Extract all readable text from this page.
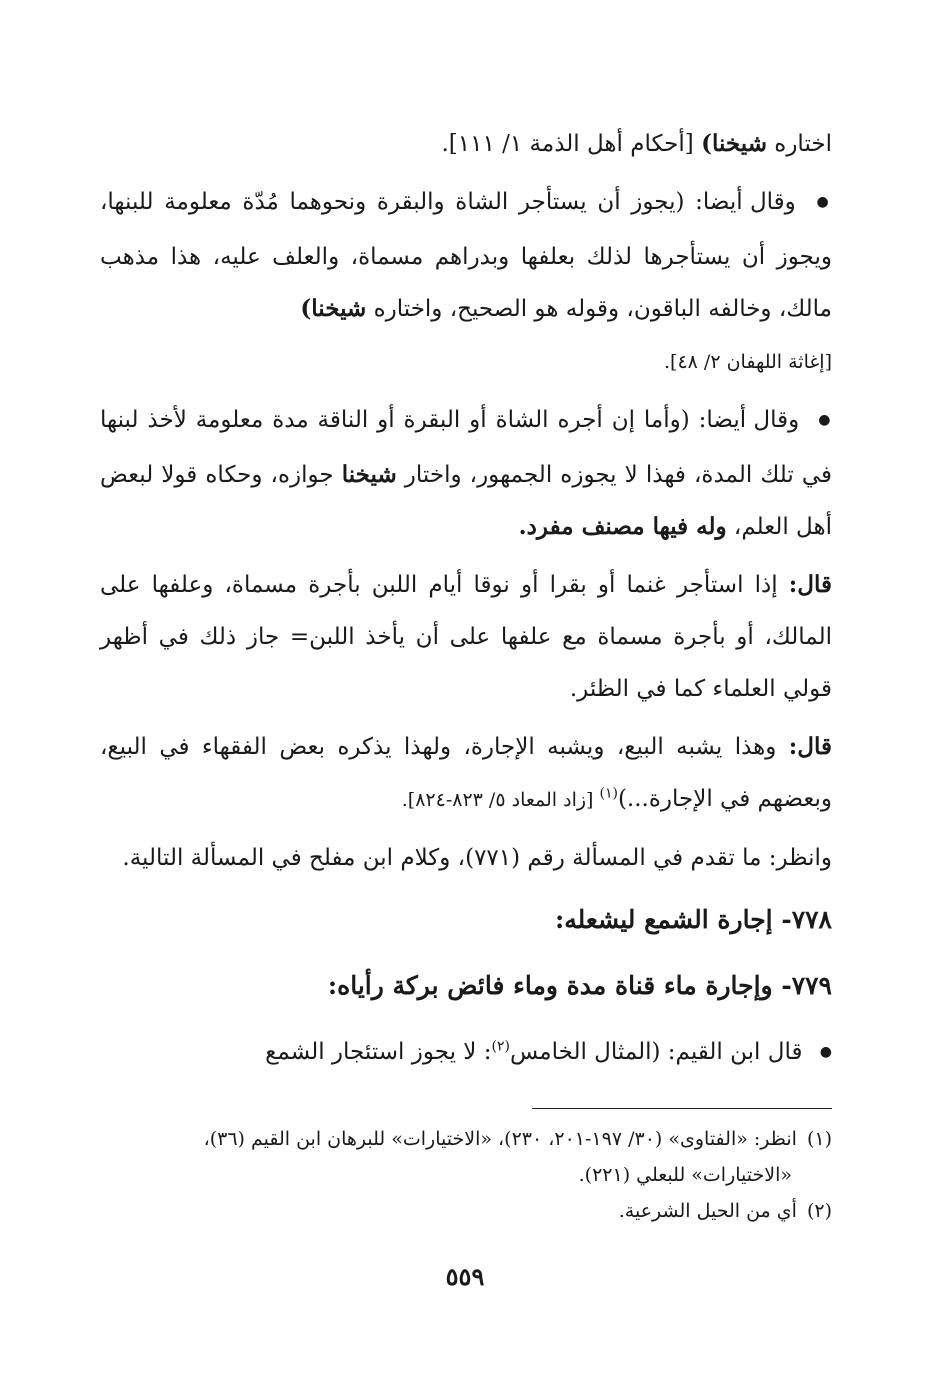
اختاره شيخنا) [أحكام أهل الذمة ١/ ١١١].

● وقال أيضا: (يجوز أن يستأجر الشاة والبقرة ونحوهما مُدّة معلومة للبنها، ويجوز أن يستأجرها لذلك بعلفها وبدراهم مسماة، والعلف عليه، هذا مذهب مالك، وخالفه الباقون، وقوله هو الصحيح، واختاره شيخنا)
[إغاثة اللهفان ٢/ ٤٨].

● وقال أيضا: (وأما إن أجره الشاة أو البقرة أو الناقة مدة معلومة لأخذ لبنها في تلك المدة، فهذا لا يجوزه الجمهور، واختار شيخنا جوازه، وحكاه قولا لبعض أهل العلم، وله فيها مصنف مفرد.

قال: إذا استأجر غنما أو بقرا أو نوقا أيام اللبن بأجرة مسماة، وعلفها على المالك، أو بأجرة مسماة مع علفها على أن يأخذ اللبن= جاز ذلك في أظهر قولي العلماء كما في الظئر.

قال: وهذا يشبه البيع، ويشبه الإجارة، ولهذا يذكره بعض الفقهاء في البيع، وبعضهم في الإجارة...)$^{(١)}$ [زاد المعاد ٥/ ٨٢٣-٨٢٤].

وانظر: ما تقدم في المسألة رقم (٧٧١)، وكلام ابن مفلح في المسألة التالية.

٧٧٨- إجارة الشمع ليشعله:
٧٧٩- وإجارة ماء قناة مدة وماء فائض بركة رأياه:

● قال ابن القيم: (المثال الخامس$^{(٢)}$: لا يجوز استئجار الشمع

(١)انظر: «الفتاوى» (٣٠/ ١٩٧-٢٠١، ٢٣٠)، «الاختيارات» للبرهان ابن القيم (٣٦)،

«الاختيارات» للبعلي (٢٢١).

(٢)أي من الحيل الشرعية.

٥٥٩
